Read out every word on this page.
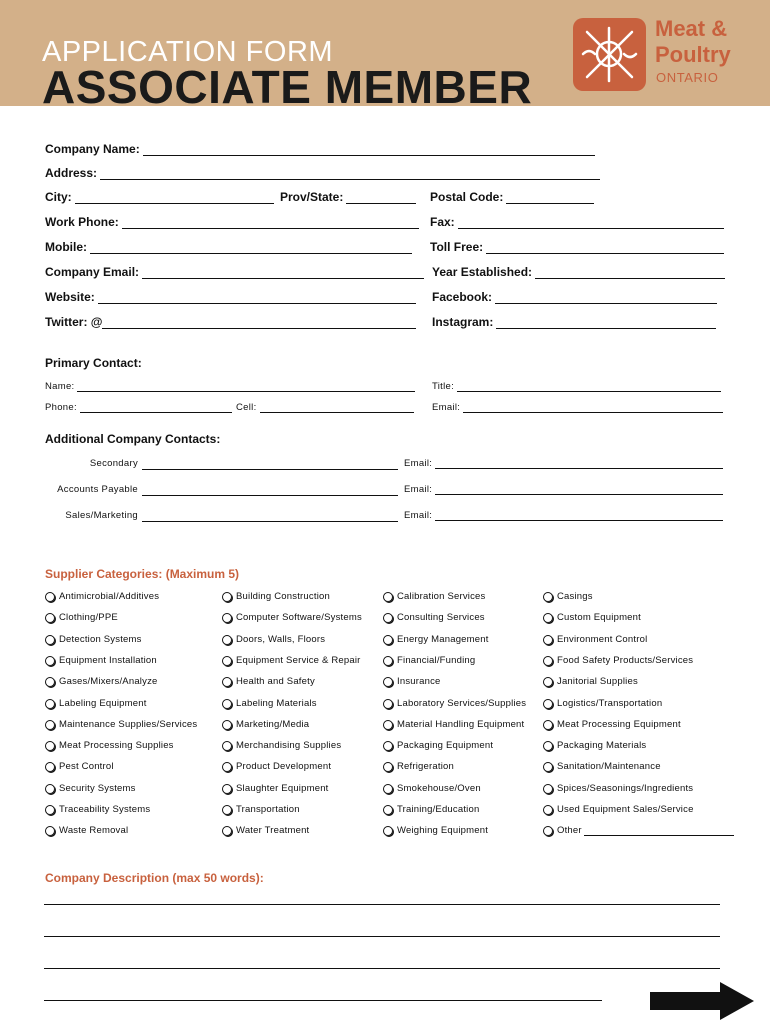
APPLICATION FORM
ASSOCIATE MEMBER
Meat &
Poultry
ONTARIO
Company Name:
Address:
City:	Prov/State:	Postal Code:
Work Phone:	Fax:
Mobile:	Toll Free:
Company Email:	Year Established:
Website:	Facebook:
Twitter: @	Instagram:
Primary Contact:
Name:	Title:
Phone:	Cell:	Email:
Additional Company Contacts:
Secondary	Email:
Accounts Payable	Email:
Sales/Marketing	Email:
Supplier Categories: (Maximum 5)
Antimicrobial/Additives
Clothing/PPE
Detection Systems
Equipment Installation
Gases/Mixers/Analyze
Labeling Equipment
Maintenance Supplies/Services
Meat Processing Supplies
Pest Control
Security Systems
Traceability Systems
Waste Removal
Building Construction
Computer Software/Systems
Doors, Walls, Floors
Equipment Service & Repair
Health and Safety
Labeling Materials
Marketing/Media
Merchandising Supplies
Product Development
Slaughter Equipment
Transportation
Water Treatment
Calibration Services
Consulting Services
Energy Management
Financial/Funding
Insurance
Laboratory Services/Supplies
Material Handling Equipment
Packaging Equipment
Refrigeration
Smokehouse/Oven
Training/Education
Weighing Equipment
Casings
Custom Equipment
Environment Control
Food Safety Products/Services
Janitorial Supplies
Logistics/Transportation
Meat Processing Equipment
Packaging Materials
Sanitation/Maintenance
Spices/Seasonings/Ingredients
Used Equipment Sales/Service
Other
Company Description (max 50 words):
